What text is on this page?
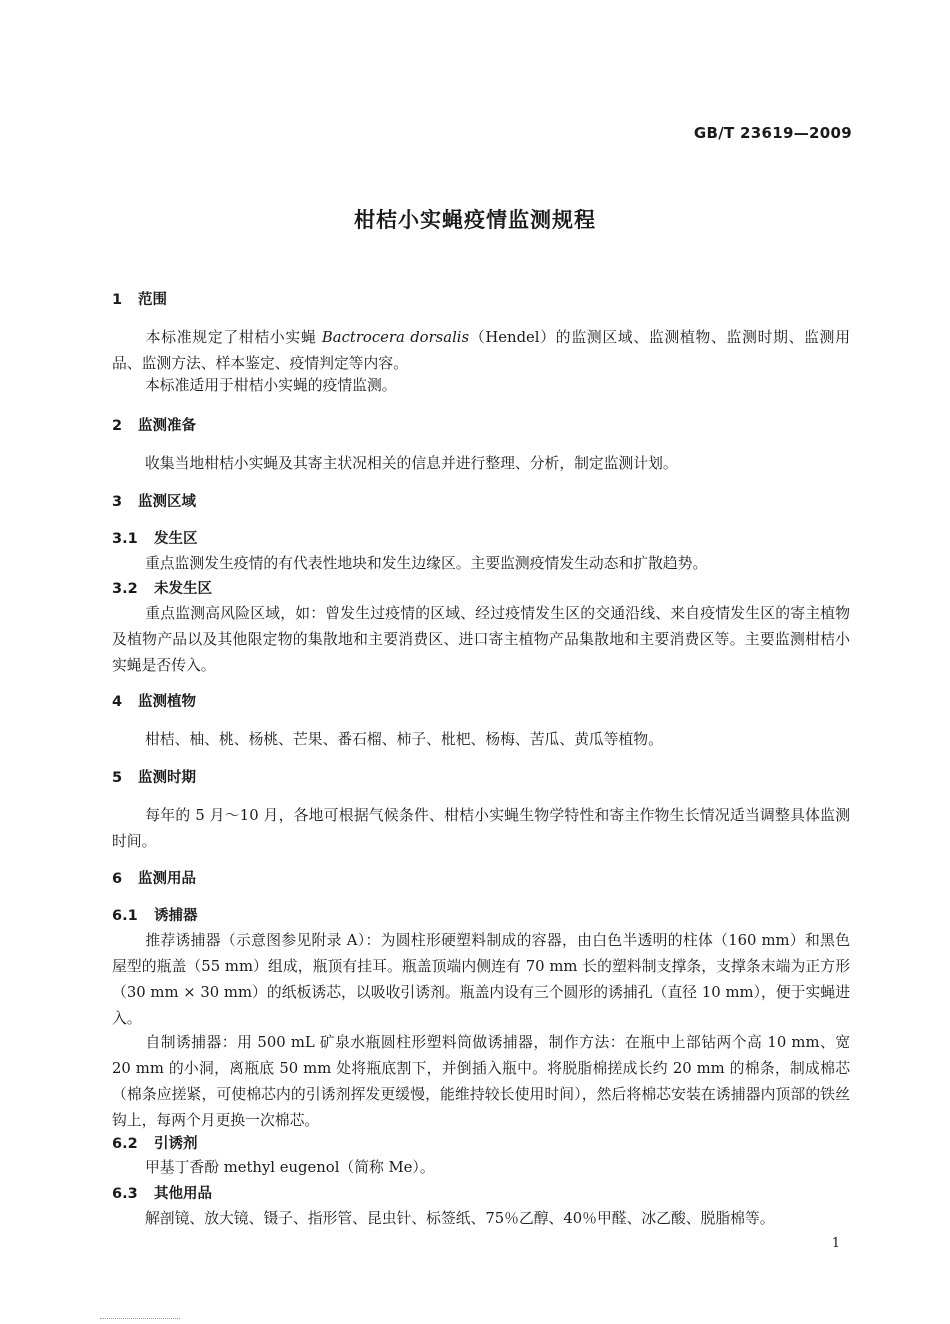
GB/T 23619—2009
柑桔小实蝇疫情监测规程
1 范围
本标准规定了柑桔小实蝇 Bactrocera dorsalis（Hendel）的监测区域、监测植物、监测时期、监测用品、监测方法、样本鉴定、疫情判定等内容。
本标准适用于柑桔小实蝇的疫情监测。
2 监测准备
收集当地柑桔小实蝇及其寄主状况相关的信息并进行整理、分析，制定监测计划。
3 监测区域
3.1 发生区
重点监测发生疫情的有代表性地块和发生边缘区。主要监测疫情发生动态和扩散趋势。
3.2 未发生区
重点监测高风险区域，如：曾发生过疫情的区域、经过疫情发生区的交通沿线、来自疫情发生区的寄主植物及植物产品以及其他限定物的集散地和主要消费区、进口寄主植物产品集散地和主要消费区等。主要监测柑桔小实蝇是否传入。
4 监测植物
柑桔、柚、桃、杨桃、芒果、番石榴、柿子、枇杷、杨梅、苦瓜、黄瓜等植物。
5 监测时期
每年的 5 月～10 月，各地可根据气候条件、柑桔小实蝇生物学特性和寄主作物生长情况适当调整具体监测时间。
6 监测用品
6.1 诱捕器
推荐诱捕器（示意图参见附录 A）：为圆柱形硬塑料制成的容器，由白色半透明的柱体（160 mm）和黑色屋型的瓶盖（55 mm）组成，瓶顶有挂耳。瓶盖顶端内侧连有 70 mm 长的塑料制支撑条，支撑条末端为正方形（30 mm × 30 mm）的纸板诱芯，以吸收引诱剂。瓶盖内设有三个圆形的诱捕孔（直径 10 mm），便于实蝇进入。
自制诱捕器：用 500 mL 矿泉水瓶圆柱形塑料筒做诱捕器，制作方法：在瓶中上部钻两个高 10 mm、宽 20 mm 的小洞，离瓶底 50 mm 处将瓶底割下，并倒插入瓶中。将脱脂棉搓成长约 20 mm 的棉条，制成棉芯（棉条应搓紧，可使棉芯内的引诱剂挥发更缓慢，能维持较长使用时间），然后将棉芯安装在诱捕器内顶部的铁丝钩上，每两个月更换一次棉芯。
6.2 引诱剂
甲基丁香酚 methyl eugenol（简称 Me）。
6.3 其他用品
解剖镜、放大镜、镊子、指形管、昆虫针、标签纸、75％乙醇、40％甲醛、冰乙酸、脱脂棉等。
1
